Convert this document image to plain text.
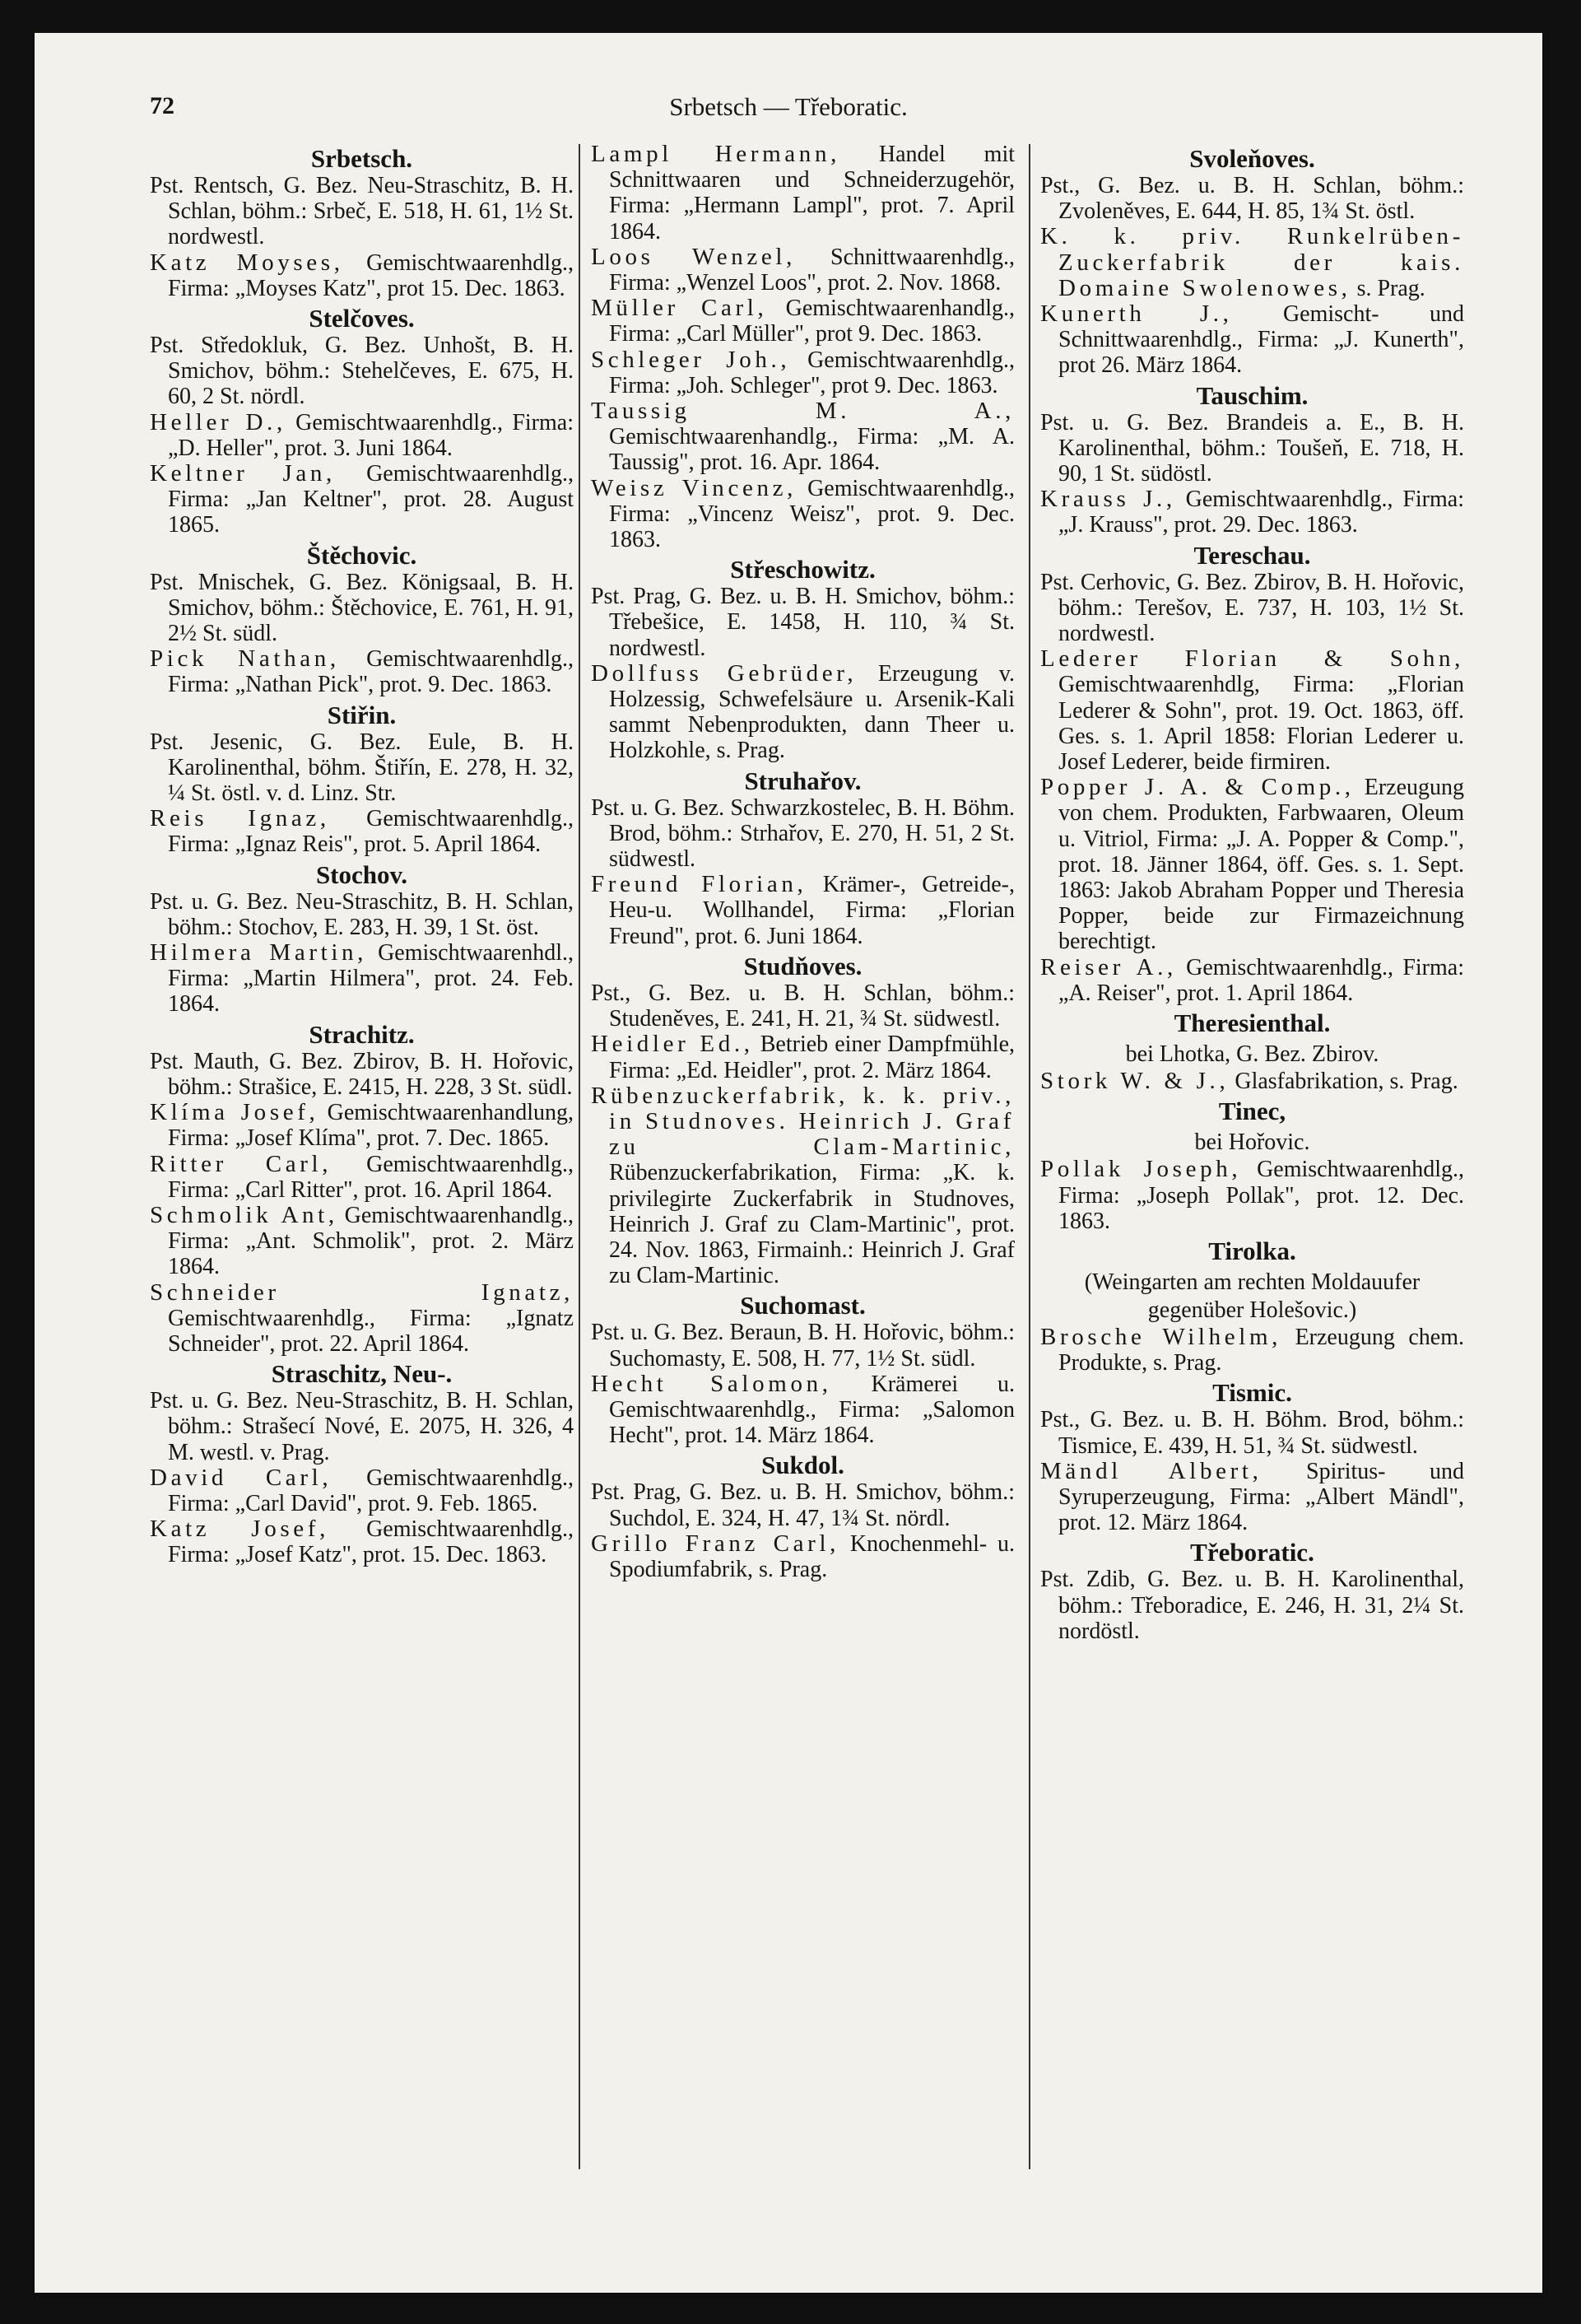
72	Srbetsch — Třeboratic.
Srbetsch.

Pst. Rentsch, G. Bez. Neu-Straschitz, B. H. Schlan, böhm.: Srbeč, E. 518, H. 61, 1½ St. nordwestl.

Katz Moyses, Gemischtwaarenhdlg., Firma: „Moyses Katz", prot 15. Dec. 1863.

Stelčoves.

Pst. Středokluk, G. Bez. Unhošt, B. H. Smichov, böhm.: Stehelčeves, E. 675, H. 60, 2 St. nördl.

Heller D., Gemischtwaarenhdlg., Firma: „D. Heller", prot. 3. Juni 1864.

Keltner Jan, Gemischtwaarenhdlg., Firma: „Jan Keltner", prot. 28. August 1865.

Štěchovic.

Pst. Mnischek, G. Bez. Königsaal, B. H. Smichov, böhm.: Štěchovice, E. 761, H. 91, 2½ St. südl.

Pick Nathan, Gemischtwaarenhdlg., Firma: „Nathan Pick", prot. 9. Dec. 1863.

Stiřin.

Pst. Jesenic, G. Bez. Eule, B. H. Karolinenthal, böhm. Štiřín, E. 278, H. 32, ¼ St. östl. v. d. Linz. Str.

Reis Ignaz, Gemischtwaarenhdlg., Firma: „Ignaz Reis", prot. 5. April 1864.

Stochov.

Pst. u. G. Bez. Neu-Straschitz, B. H. Schlan, böhm.: Stochov, E. 283, H. 39, 1 St. öst.

Hilmera Martin, Gemischtwaarenhdl., Firma: „Martin Hilmera", prot. 24. Feb. 1864.

Strachitz.

Pst. Mauth, G. Bez. Zbirov, B. H. Hořovic, böhm.: Strašice, E. 2415, H. 228, 3 St. südl.

Klíma Josef, Gemischtwaarenhandlung, Firma: „Josef Klíma", prot. 7. Dec. 1865.

Ritter Carl, Gemischtwaarenhdlg., Firma: „Carl Ritter", prot. 16. April 1864.

Schmolik Ant, Gemischtwaarenhandlg., Firma: „Ant. Schmolik", prot. 2. März 1864.

Schneider Ignatz, Gemischtwaarenhdlg., Firma: „Ignatz Schneider", prot. 22. April 1864.

Straschitz, Neu-.

Pst. u. G. Bez. Neu-Straschitz, B. H. Schlan, böhm.: Strašecí Nové, E. 2075, H. 326, 4 M. westl. v. Prag.

David Carl, Gemischtwaarenhdlg., Firma: „Carl David", prot. 9. Feb. 1865.

Katz Josef, Gemischtwaarenhdlg., Firma: „Josef Katz", prot. 15. Dec. 1863.

Lampl Hermann, Handel mit Schnittwaaren und Schneiderzugehör, Firma: „Hermann Lampl", prot. 7. April 1864.

Loos Wenzel, Schnittwaarenhdlg., Firma: „Wenzel Loos", prot. 2. Nov. 1868.

Müller Carl, Gemischtwaarenhandlg., Firma: „Carl Müller", prot 9. Dec. 1863.

Schleger Joh., Gemischtwaarenhdlg., Firma: „Joh. Schleger", prot 9. Dec. 1863.

Taussig M. A., Gemischtwaarenhandlg., Firma: „M. A. Taussig", prot. 16. Apr. 1864.

Weisz Vincenz, Gemischtwaarenhdlg., Firma: „Vincenz Weisz", prot. 9. Dec. 1863.

Střeschowitz.

Pst. Prag, G. Bez. u. B. H. Smichov, böhm.: Třebešice, E. 1458, H. 110, ¾ St. nordwestl.

Dollfuss Gebrüder, Erzeugung v. Holzessig, Schwefelsäure u. Arsenik-Kali sammt Nebenprodukten, dann Theer u. Holzkohle, s. Prag.

Struhařov.

Pst. u. G. Bez. Schwarzkostelec, B. H. Böhm. Brod, böhm.: Strhařov, E. 270, H. 51, 2 St. südwestl.

Freund Florian, Krämer-, Getreide-, Heu-u. Wollhandel, Firma: „Florian Freund", prot. 6. Juni 1864.

Studňoves.

Pst., G. Bez. u. B. H. Schlan, böhm.: Studeněves, E. 241, H. 21, ¾ St. südwestl.

Heidler Ed., Betrieb einer Dampfmühle, Firma: „Ed. Heidler", prot. 2. März 1864.

Rübenzuckerfabrik, k. k. priv., in Studnoves. Heinrich J. Graf zu Clam-Martinic, Rübenzuckerfabrikation, Firma: „K. k. privilegirte Zuckerfabrik in Studnoves, Heinrich J. Graf zu Clam-Martinic", prot. 24. Nov. 1863, Firmainh.: Heinrich J. Graf zu Clam-Martinic.

Suchomast.

Pst. u. G. Bez. Beraun, B. H. Hořovic, böhm.: Suchomasty, E. 508, H. 77, 1½ St. südl.

Hecht Salomon, Krämerei u. Gemischtwaarenhdlg., Firma: „Salomon Hecht", prot. 14. März 1864.

Sukdol.

Pst. Prag, G. Bez. u. B. H. Smichov, böhm.: Suchdol, E. 324, H. 47, 1¾ St. nördl.

Grillo Franz Carl, Knochenmehl- u. Spodiumfabrik, s. Prag.

Svoleňoves.

Pst., G. Bez. u. B. H. Schlan, böhm.: Zvoleněves, E. 644, H. 85, 1¾ St. östl.

K. k. priv. Runkelrüben-Zuckerfabrik der kais. Domaine Swolenowes, s. Prag.

Kunerth J., Gemischt- und Schnittwaarenhdlg., Firma: „J. Kunerth", prot 26. März 1864.

Tauschim.

Pst. u. G. Bez. Brandeis a. E., B. H. Karolinenthal, böhm.: Toušeň, E. 718, H. 90, 1 St. südöstl.

Krauss J., Gemischtwaarenhdlg., Firma: „J. Krauss", prot. 29. Dec. 1863.

Tereschau.

Pst. Cerhovic, G. Bez. Zbirov, B. H. Hořovic, böhm.: Terešov, E. 737, H. 103, 1½ St. nordwestl.

Lederer Florian & Sohn, Gemischtwaarenhdlg, Firma: „Florian Lederer & Sohn", prot. 19. Oct. 1863, öff. Ges. s. 1. April 1858: Florian Lederer u. Josef Lederer, beide firmiren.

Popper J. A. & Comp., Erzeugung von chem. Produkten, Farbwaaren, Oleum u. Vitriol, Firma: „J. A. Popper & Comp.", prot. 18. Jänner 1864, öff. Ges. s. 1. Sept. 1863: Jakob Abraham Popper und Theresia Popper, beide zur Firmazeichnung berechtigt.

Reiser A., Gemischtwaarenhdlg., Firma: „A. Reiser", prot. 1. April 1864.

Theresienthal.
bei Lhotka, G. Bez. Zbirov.

Stork W. & J., Glasfabrikation, s. Prag.

Tinec,
bei Hořovic.

Pollak Joseph, Gemischtwaarenhdlg., Firma: „Joseph Pollak", prot. 12. Dec. 1863.

Tirolka.
(Weingarten am rechten Moldauufer gegenüber Holešovic.)

Brosche Wilhelm, Erzeugung chem. Produkte, s. Prag.

Tismic.

Pst., G. Bez. u. B. H. Böhm. Brod, böhm.: Tismice, E. 439, H. 51, ¾ St. südwestl.

Mändl Albert, Spiritus- und Syruperzeugung, Firma: „Albert Mändl", prot. 12. März 1864.

Třeboratic.

Pst. Zdib, G. Bez. u. B. H. Karolinenthal, böhm.: Třeboradice, E. 246, H. 31, 2¼ St. nordöstl.
